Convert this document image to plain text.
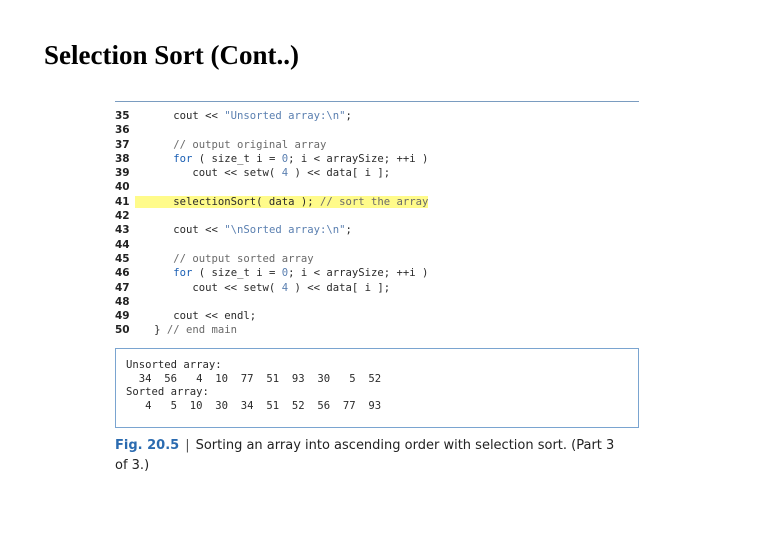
Selection Sort (Cont..)
35      cout << "Unsorted array:\n";
36
37      // output original array
38	for ( size_t i = 0; i < arraySize; ++i )
39         cout << setw( 4 ) << data[ i ];
40
41      selectionSort( data ); // sort the array
42
43      cout << "\nSorted array:\n";
44
45      // output sorted array
46	for ( size_t i = 0; i < arraySize; ++i )
47         cout << setw( 4 ) << data[ i ];
48
49      cout << endl;
50   } // end main
Unsorted array:
34  56   4  10  77  51  93  30   5  52
Sorted array:
4   5  10  30  34  51  52  56  77  93
Fig. 20.5 | Sorting an array into ascending order with selection sort. (Part 3 of 3.)
